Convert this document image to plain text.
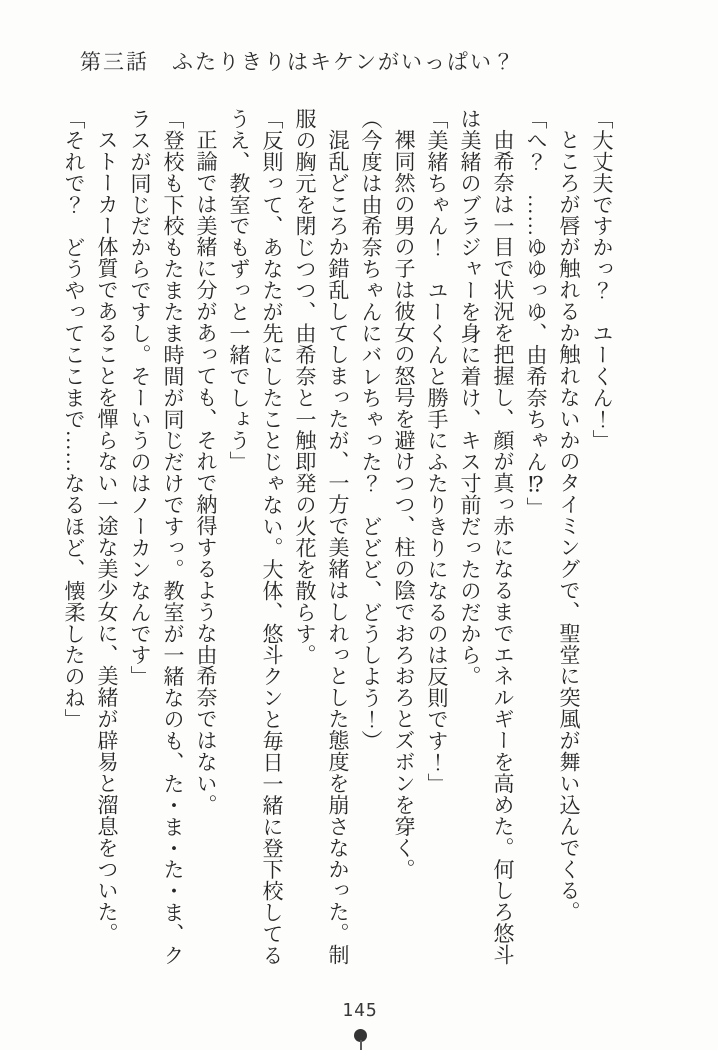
第三話　ふたりきりはキケンがいっぱい？

「大丈夫ですかっ？　ユーくん！」

ところが唇が触れるか触れないかのタイミングで、聖堂に突風が舞い込んでくる。

「へ？　……ゆゆっゆ、由希奈ちゃん⁉」

由希奈は一目で状況を把握し、顔が真っ赤になるまでエネルギーを高めた。何しろ悠斗は美緒のブラジャーを身に着け、キス寸前だったのだから。

「美緒ちゃん！　ユーくんと勝手にふたりきりになるのは反則です！」

裸同然の男の子は彼女の怒号を避けつつ、柱の陰でおろおろとズボンを穿く。

（今度は由希奈ちゃんにバレちゃった？　どどど、どうしよう！）

混乱どころか錯乱してしまったが、一方で美緒はしれっとした態度を崩さなかった。制服の胸元を閉じつつ、由希奈と一触即発の火花を散らす。

「反則って、あなたが先にしたことじゃない。大体、悠斗クンと毎日一緒に登下校してるうえ、教室でもずっと一緒でしょう」

正論では美緒に分があっても、それで納得するような由希奈ではない。

「登校も下校もたまたま時間が同じだけですっ。教室が一緒なのも、た・ま・た・ま、クラスが同じだからですし。そーいうのはノーカンなんです」

ストーカー体質であることを憚らない一途な美少女に、美緒が辟易と溜息をついた。

「それで？　どうやってここまで……なるほど、懐柔したのね」

145
